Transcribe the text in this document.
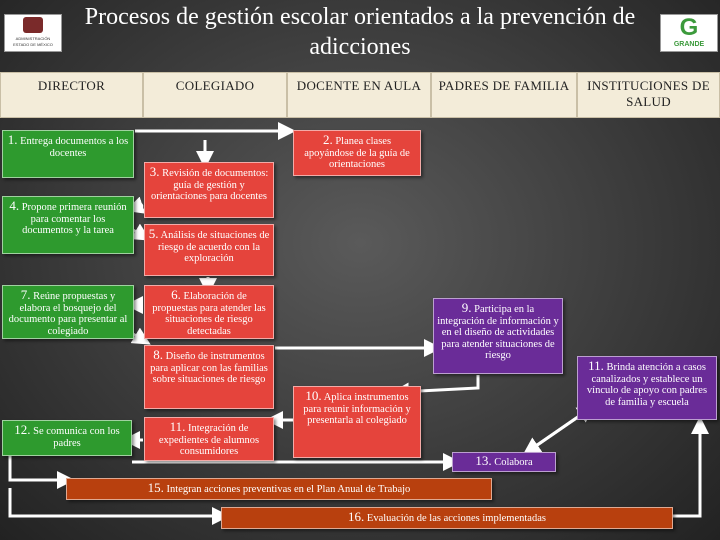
ADMINISTRACIÓN
ESTADO DE MÉXICO
G
GRANDE
Procesos de gestión escolar orientados a la prevención de adicciones
DIRECTOR	COLEGIADO	DOCENTE EN AULA	PADRES DE FAMILIA	INSTITUCIONES DE SALUD
1. Entrega documentos a los docentes
4. Propone primera reunión para comentar los documentos y la tarea
7. Reúne propuestas y elabora el bosquejo del documento para presentar al colegiado
12. Se comunica con los padres
3. Revisión de documentos: guía de gestión y orientaciones para docentes
5. Análisis de situaciones de riesgo de acuerdo con la exploración
6. Elaboración de propuestas para atender las situaciones de riesgo detectadas
8. Diseño de instrumentos para aplicar con las familias sobre situaciones de riesgo
11. Integración de expedientes de alumnos consumidores
2. Planea clases apoyándose de la guía de orientaciones
10. Aplica instrumentos para reunir información y presentarla al colegiado
9. Participa en la integración de información y en el diseño de actividades para atender situaciones de riesgo
13. Colabora
11. Brinda atención a casos canalizados y establece un vínculo de apoyo con padres de familia y escuela
15. Integran acciones preventivas en el Plan Anual de Trabajo
16. Evaluación de las acciones implementadas
